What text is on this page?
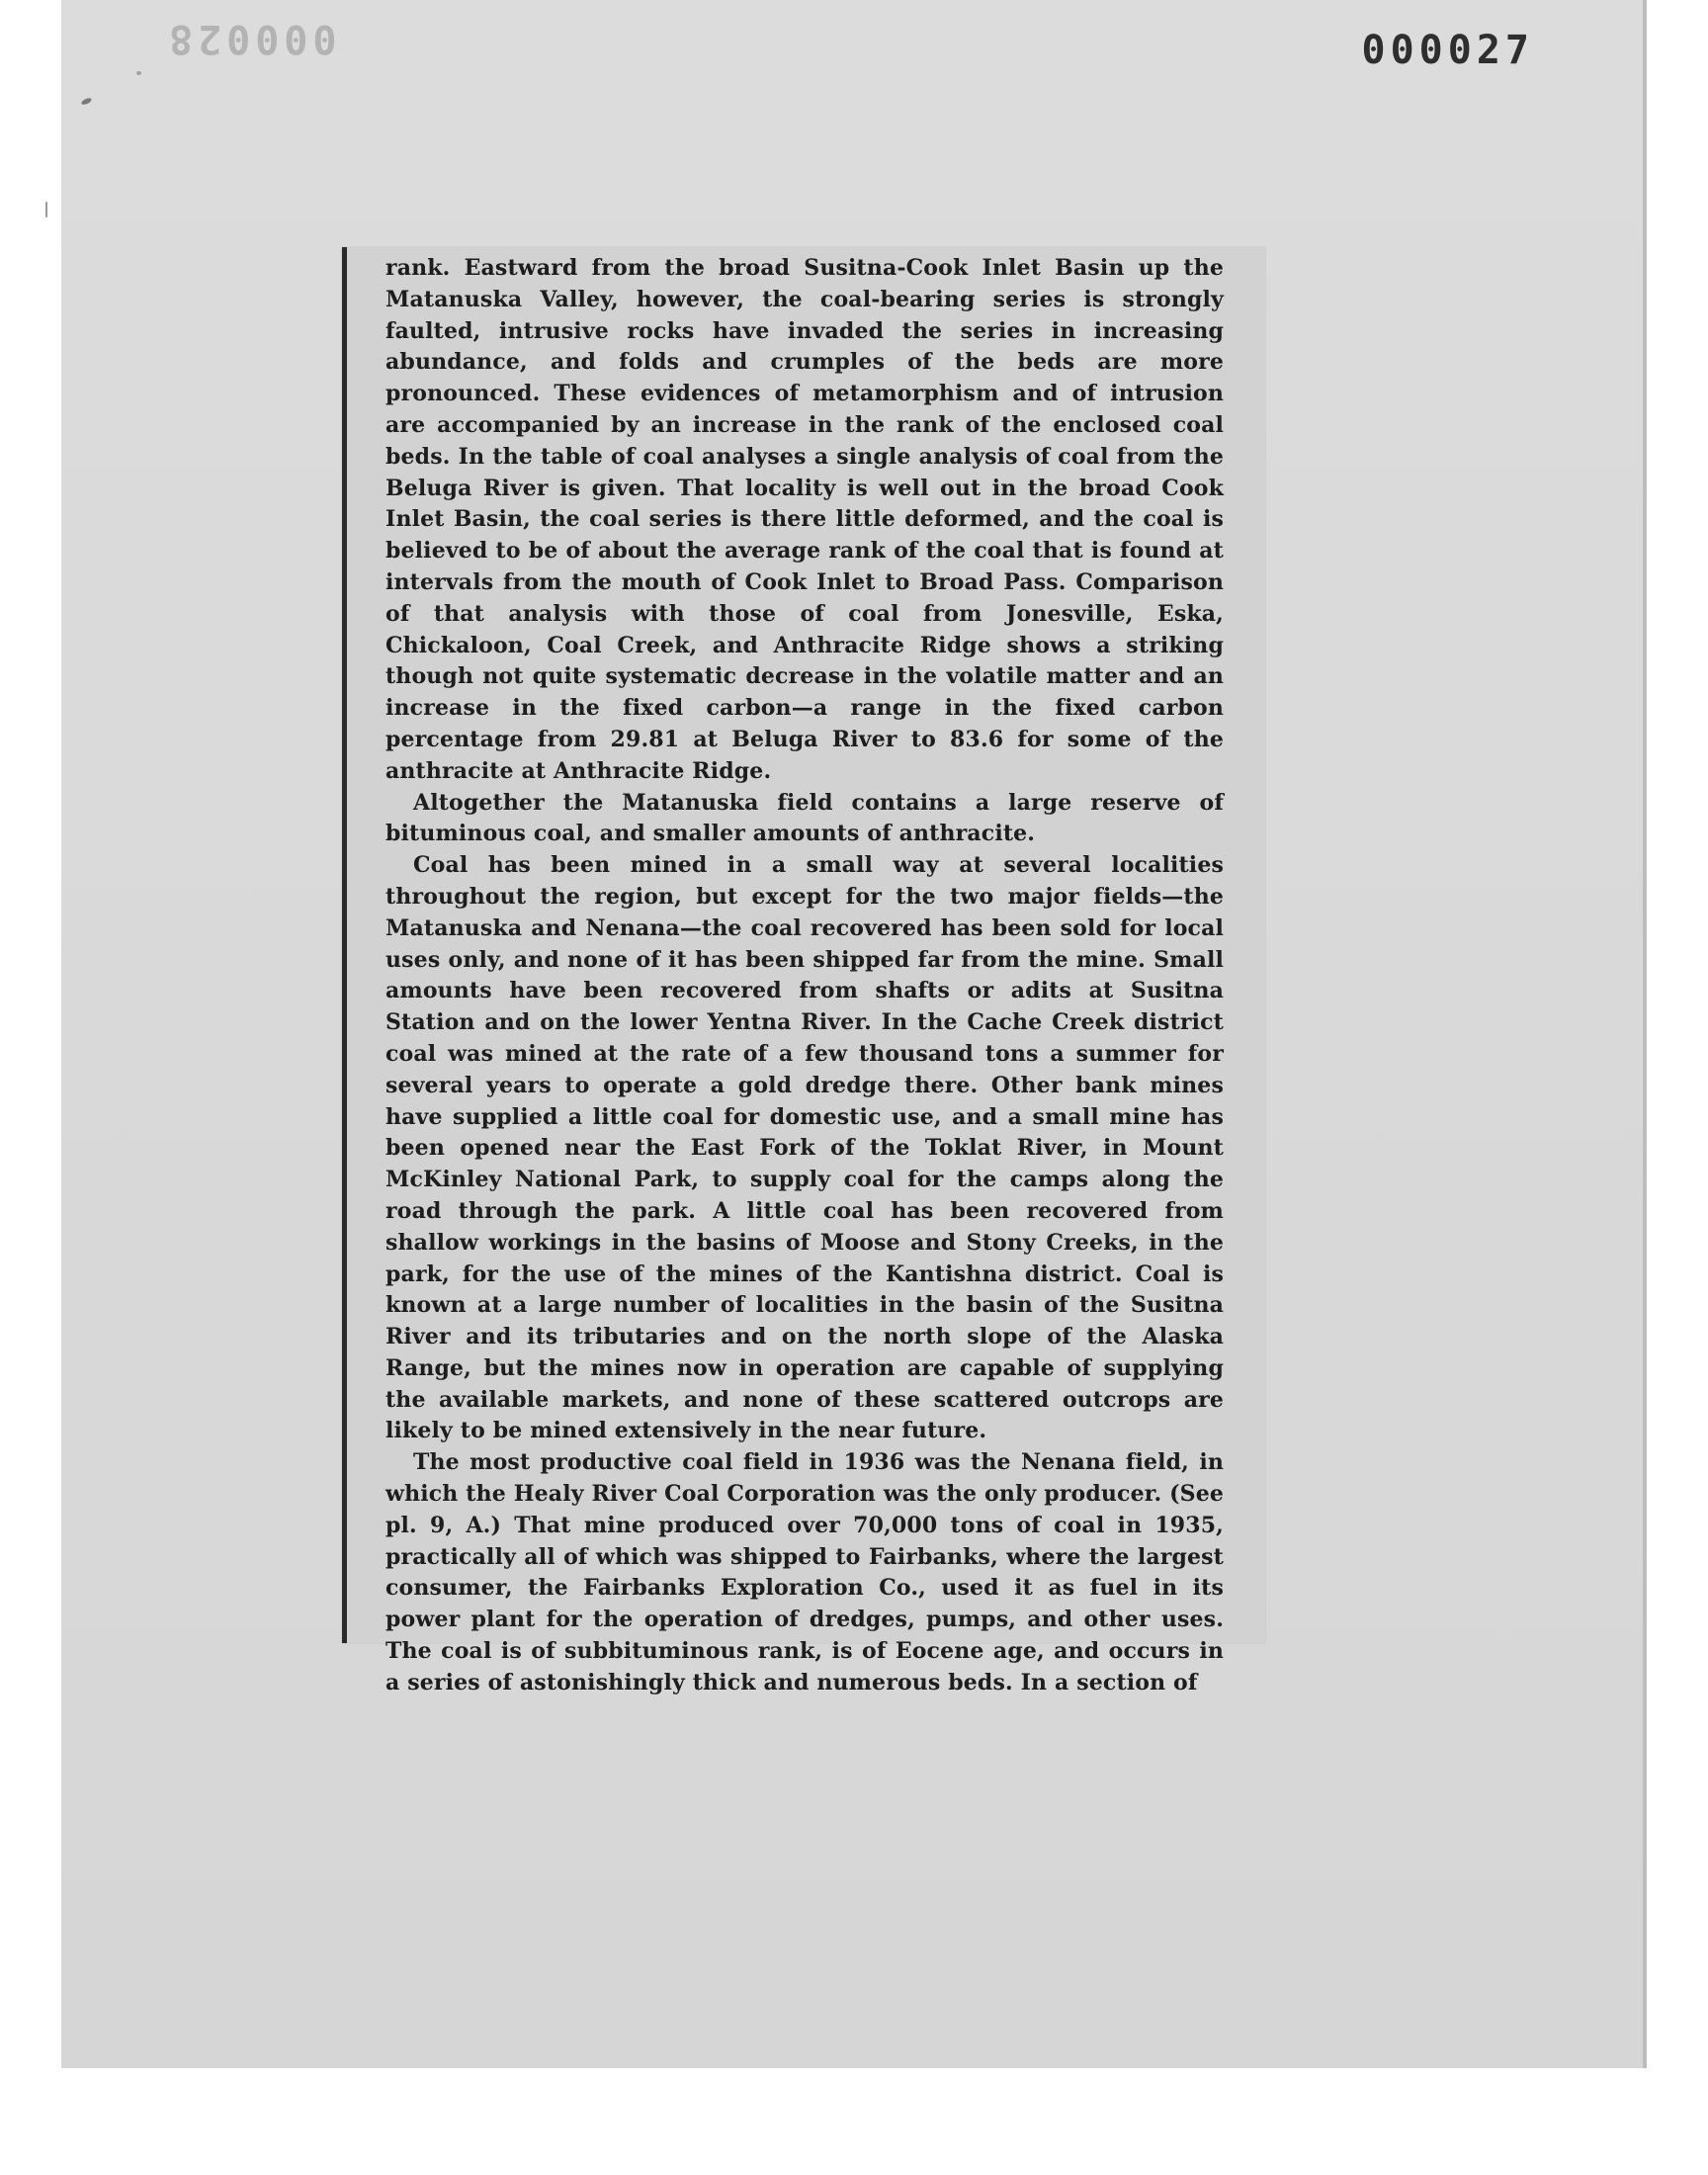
000028	000027

rank. Eastward from the broad Susitna-Cook Inlet Basin up the Matanuska Valley, however, the coal-bearing series is strongly faulted, intrusive rocks have invaded the series in increasing abundance, and folds and crumples of the beds are more pronounced. These evidences of metamorphism and of intrusion are accompanied by an increase in the rank of the enclosed coal beds. In the table of coal analyses a single analysis of coal from the Beluga River is given. That locality is well out in the broad Cook Inlet Basin, the coal series is there little deformed, and the coal is believed to be of about the average rank of the coal that is found at intervals from the mouth of Cook Inlet to Broad Pass. Comparison of that analysis with those of coal from Jonesville, Eska, Chickaloon, Coal Creek, and Anthracite Ridge shows a striking though not quite systematic decrease in the volatile matter and an increase in the fixed carbon—a range in the fixed carbon percentage from 29.81 at Beluga River to 83.6 for some of the anthracite at Anthracite Ridge.

Altogether the Matanuska field contains a large reserve of bituminous coal, and smaller amounts of anthracite.

Coal has been mined in a small way at several localities throughout the region, but except for the two major fields—the Matanuska and Nenana—the coal recovered has been sold for local uses only, and none of it has been shipped far from the mine. Small amounts have been recovered from shafts or adits at Susitna Station and on the lower Yentna River. In the Cache Creek district coal was mined at the rate of a few thousand tons a summer for several years to operate a gold dredge there. Other bank mines have supplied a little coal for domestic use, and a small mine has been opened near the East Fork of the Toklat River, in Mount McKinley National Park, to supply coal for the camps along the road through the park. A little coal has been recovered from shallow workings in the basins of Moose and Stony Creeks, in the park, for the use of the mines of the Kantishna district. Coal is known at a large number of localities in the basin of the Susitna River and its tributaries and on the north slope of the Alaska Range, but the mines now in operation are capable of supplying the available markets, and none of these scattered outcrops are likely to be mined extensively in the near future.

The most productive coal field in 1936 was the Nenana field, in which the Healy River Coal Corporation was the only producer. (See pl. 9, A.) That mine produced over 70,000 tons of coal in 1935, practically all of which was shipped to Fairbanks, where the largest consumer, the Fairbanks Exploration Co., used it as fuel in its power plant for the operation of dredges, pumps, and other uses. The coal is of subbituminous rank, is of Eocene age, and occurs in a series of astonishingly thick and numerous beds. In a section of
